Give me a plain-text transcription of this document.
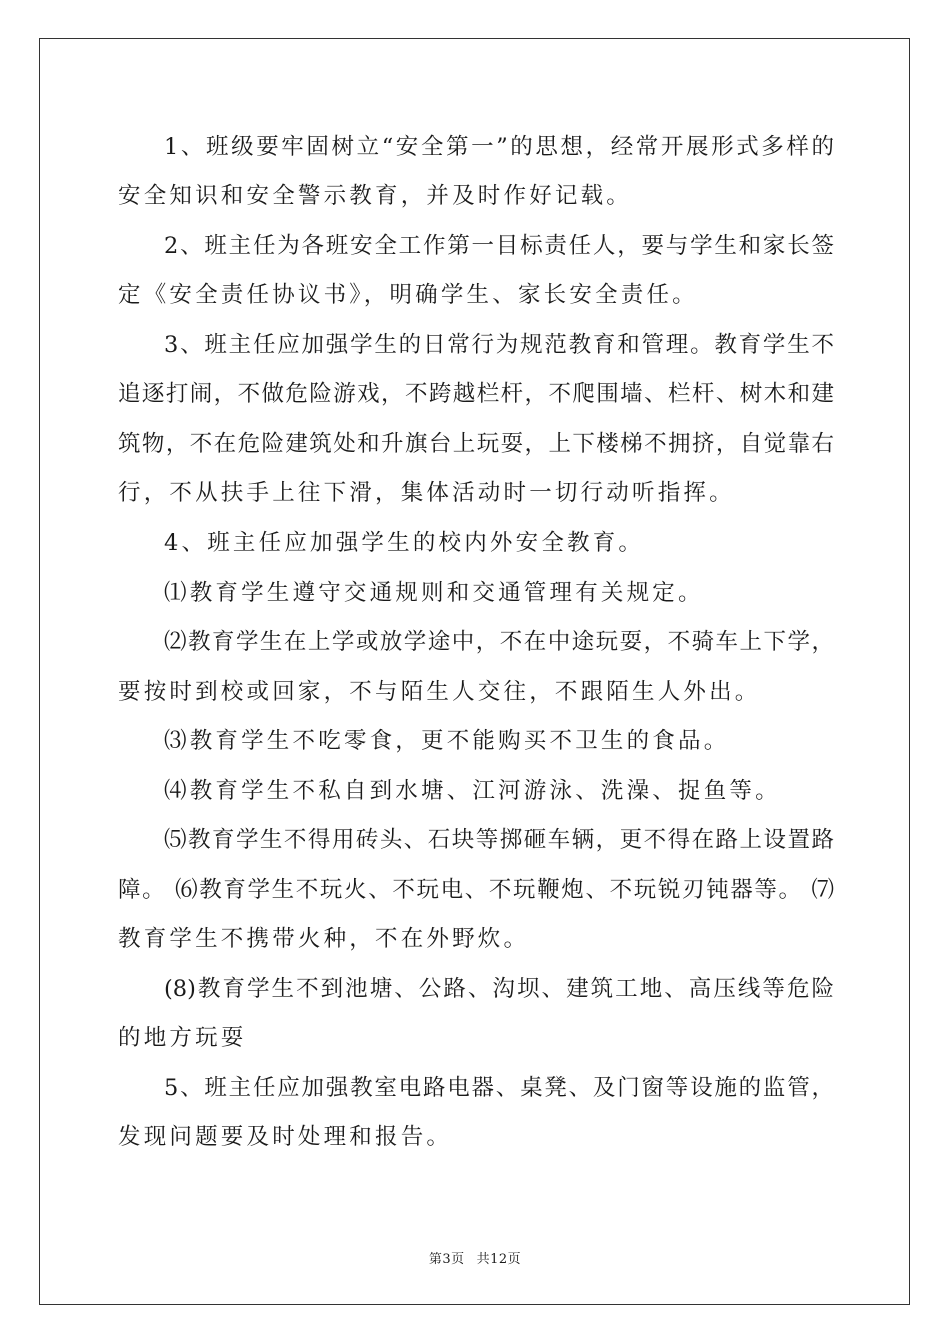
1、班级要牢固树立“安全第一”的思想，经常开展形式多样的
安全知识和安全警示教育，并及时作好记载。
2、班主任为各班安全工作第一目标责任人，要与学生和家长签
定《安全责任协议书》，明确学生、家长安全责任。
3、班主任应加强学生的日常行为规范教育和管理。教育学生不
追逐打闹，不做危险游戏，不跨越栏杆，不爬围墙、栏杆、树木和建
筑物，不在危险建筑处和升旗台上玩耍，上下楼梯不拥挤，自觉靠右
行，不从扶手上往下滑，集体活动时一切行动听指挥。
4、班主任应加强学生的校内外安全教育。
⑴教育学生遵守交通规则和交通管理有关规定。
⑵教育学生在上学或放学途中，不在中途玩耍，不骑车上下学，
要按时到校或回家，不与陌生人交往，不跟陌生人外出。
⑶教育学生不吃零食，更不能购买不卫生的食品。
⑷教育学生不私自到水塘、江河游泳、洗澡、捉鱼等。
⑸教育学生不得用砖头、石块等掷砸车辆，更不得在路上设置路
障。 ⑹教育学生不玩火、不玩电、不玩鞭炮、不玩锐刃钝器等。 ⑺
教育学生不携带火种，不在外野炊。
(8)教育学生不到池塘、公路、沟坝、建筑工地、高压线等危险
的地方玩耍
5、班主任应加强教室电路电器、桌凳、及门窗等设施的监管，
发现问题要及时处理和报告。
第3页 共12页
